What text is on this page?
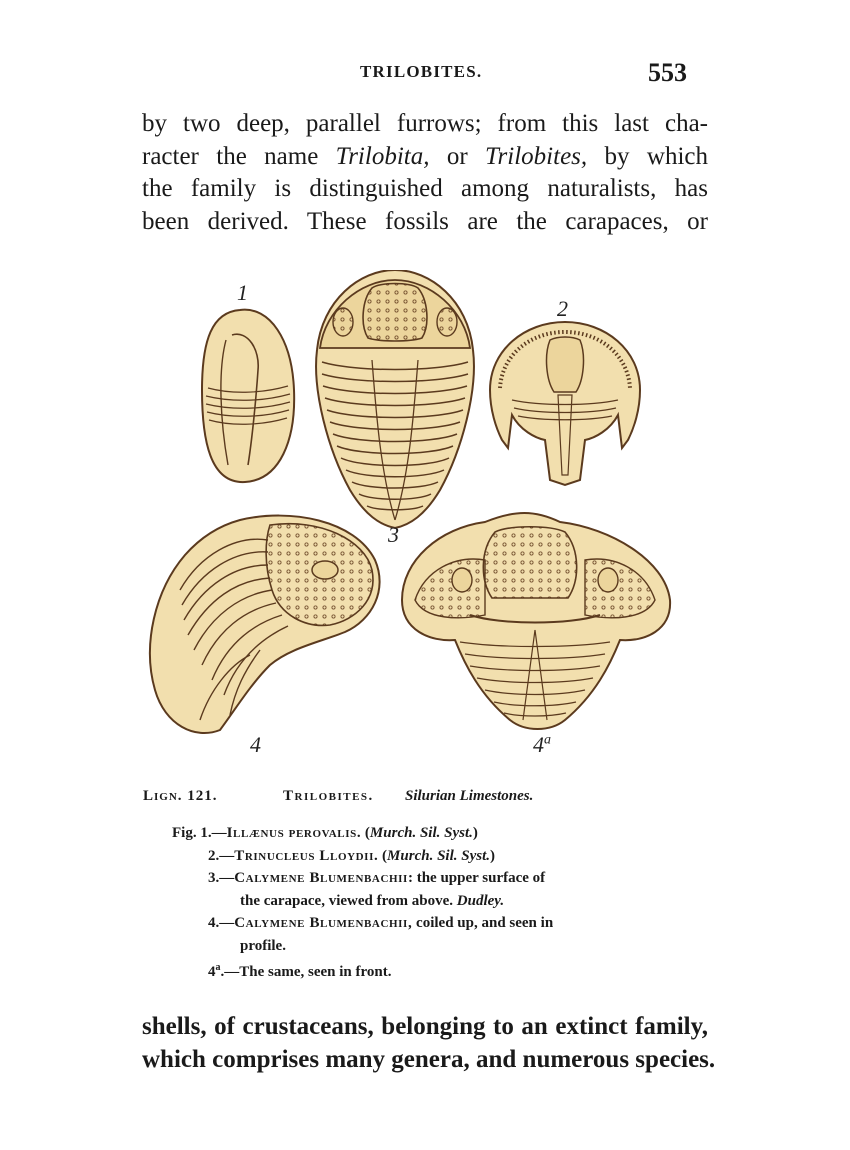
TRILOBITES.	553
by two deep, parallel furrows; from this last cha-
racter the name Trilobita, or Trilobites, by which
the family is distinguished among naturalists, has
been derived. These fossils are the carapaces, or
1
2
3
4	4$^a$
Lign. 121.	Trilobites. Silurian Limestones.
Fig. 1.—Illænus perovalis. (Murch. Sil. Syst.)
2.—Trinucleus Lloydii. (Murch. Sil. Syst.)
3.—Calymene Blumenbachii: the upper surface of
the carapace, viewed from above. Dudley.
4.—Calymene Blumenbachii, coiled up, and seen in
profile.
4$^a$.—The same, seen in front.
shells, of crustaceans, belonging to an extinct family,
which comprises many genera, and numerous species.
